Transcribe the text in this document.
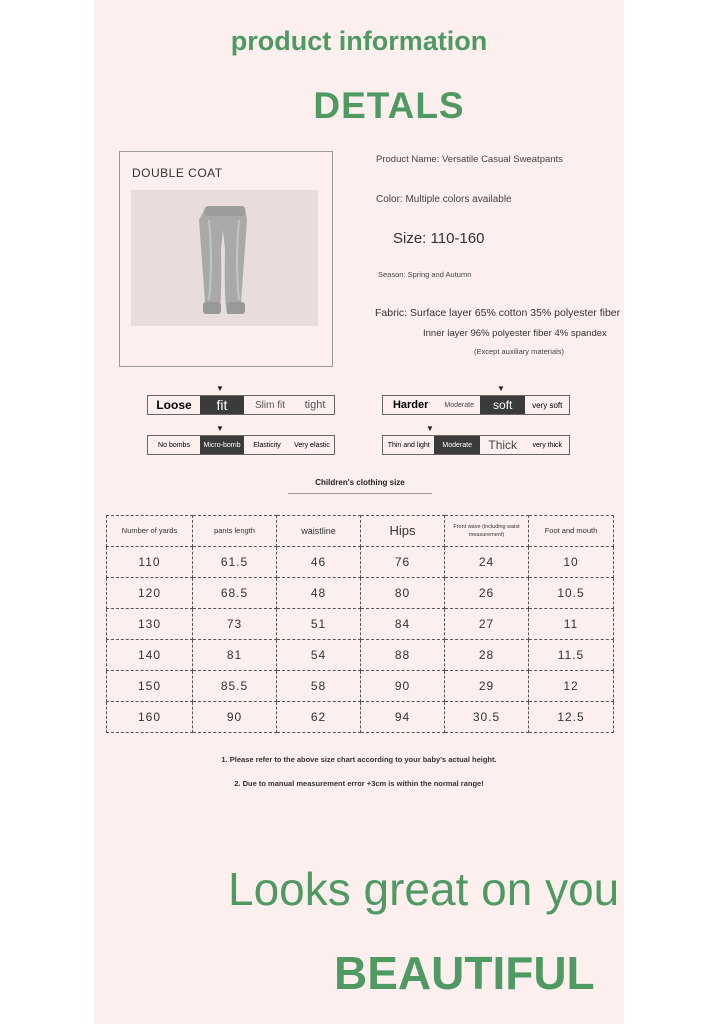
product information
DETALS
DOUBLE COAT
Product Name: Versatile Casual Sweatpants
Color: Multiple colors available
Size: 110-160
Season: Spring and Autumn
Fabric: Surface layer 65% cotton 35% polyester fiber
Inner layer 96% polyester fiber 4% spandex
(Except auxiliary materials)
▼
Loose	fit	Slim fit	tight
▼
Harder	Moderate	soft	very soft
▼
No bombs	Micro-bomb	Elasticity	Very elastic
▼
Thin and light	Moderate	Thick	very thick
Children's clothing size
Number of yards	pants length	waistline	Hips	Front wave (including waist measurement)	Foot and mouth
110	61.5	46	76	24	10
120	68.5	48	80	26	10.5
130	73	51	84	27	11
140	81	54	88	28	11.5
150	85.5	58	90	29	12
160	90	62	94	30.5	12.5
1. Please refer to the above size chart according to your baby's actual height.
2. Due to manual measurement error +3cm is within the normal range!
Looks great on you
BEAUTIFUL
